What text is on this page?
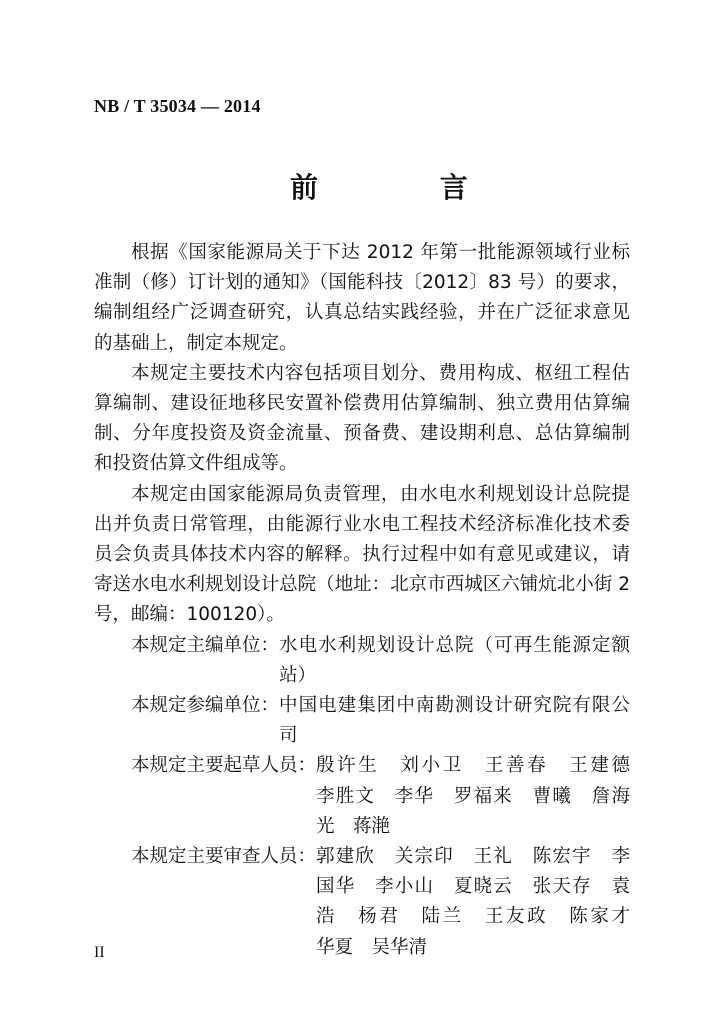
NB / T 35034 — 2014
前 言

根据《国家能源局关于下达 2012 年第一批能源领域行业标准制（修）订计划的通知》（国能科技〔2012〕83 号）的要求，编制组经广泛调查研究，认真总结实践经验，并在广泛征求意见的基础上，制定本规定。

本规定主要技术内容包括项目划分、费用构成、枢纽工程估算编制、建设征地移民安置补偿费用估算编制、独立费用估算编制、分年度投资及资金流量、预备费、建设期利息、总估算编制和投资估算文件组成等。

本规定由国家能源局负责管理，由水电水利规划设计总院提出并负责日常管理，由能源行业水电工程技术经济标准化技术委员会负责具体技术内容的解释。执行过程中如有意见或建议，请寄送水电水利规划设计总院（地址：北京市西城区六铺炕北小街 2 号，邮编：100120）。

本规定主编单位： 水电水利规划设计总院（可再生能源定额站）
本规定参编单位： 中国电建集团中南勘测设计研究院有限公司
本规定主要起草人员： 殷许生　刘小卫　王善春　王建德　李胜文　李华　罗福来　曹曦　詹海光　蒋滟
本规定主要审查人员： 郭建欣　关宗印　王礼　陈宏宇　李国华　李小山　夏晓云　张天存　袁浩　杨君　陆兰　王友政　陈家才　华夏　吴华清
II
